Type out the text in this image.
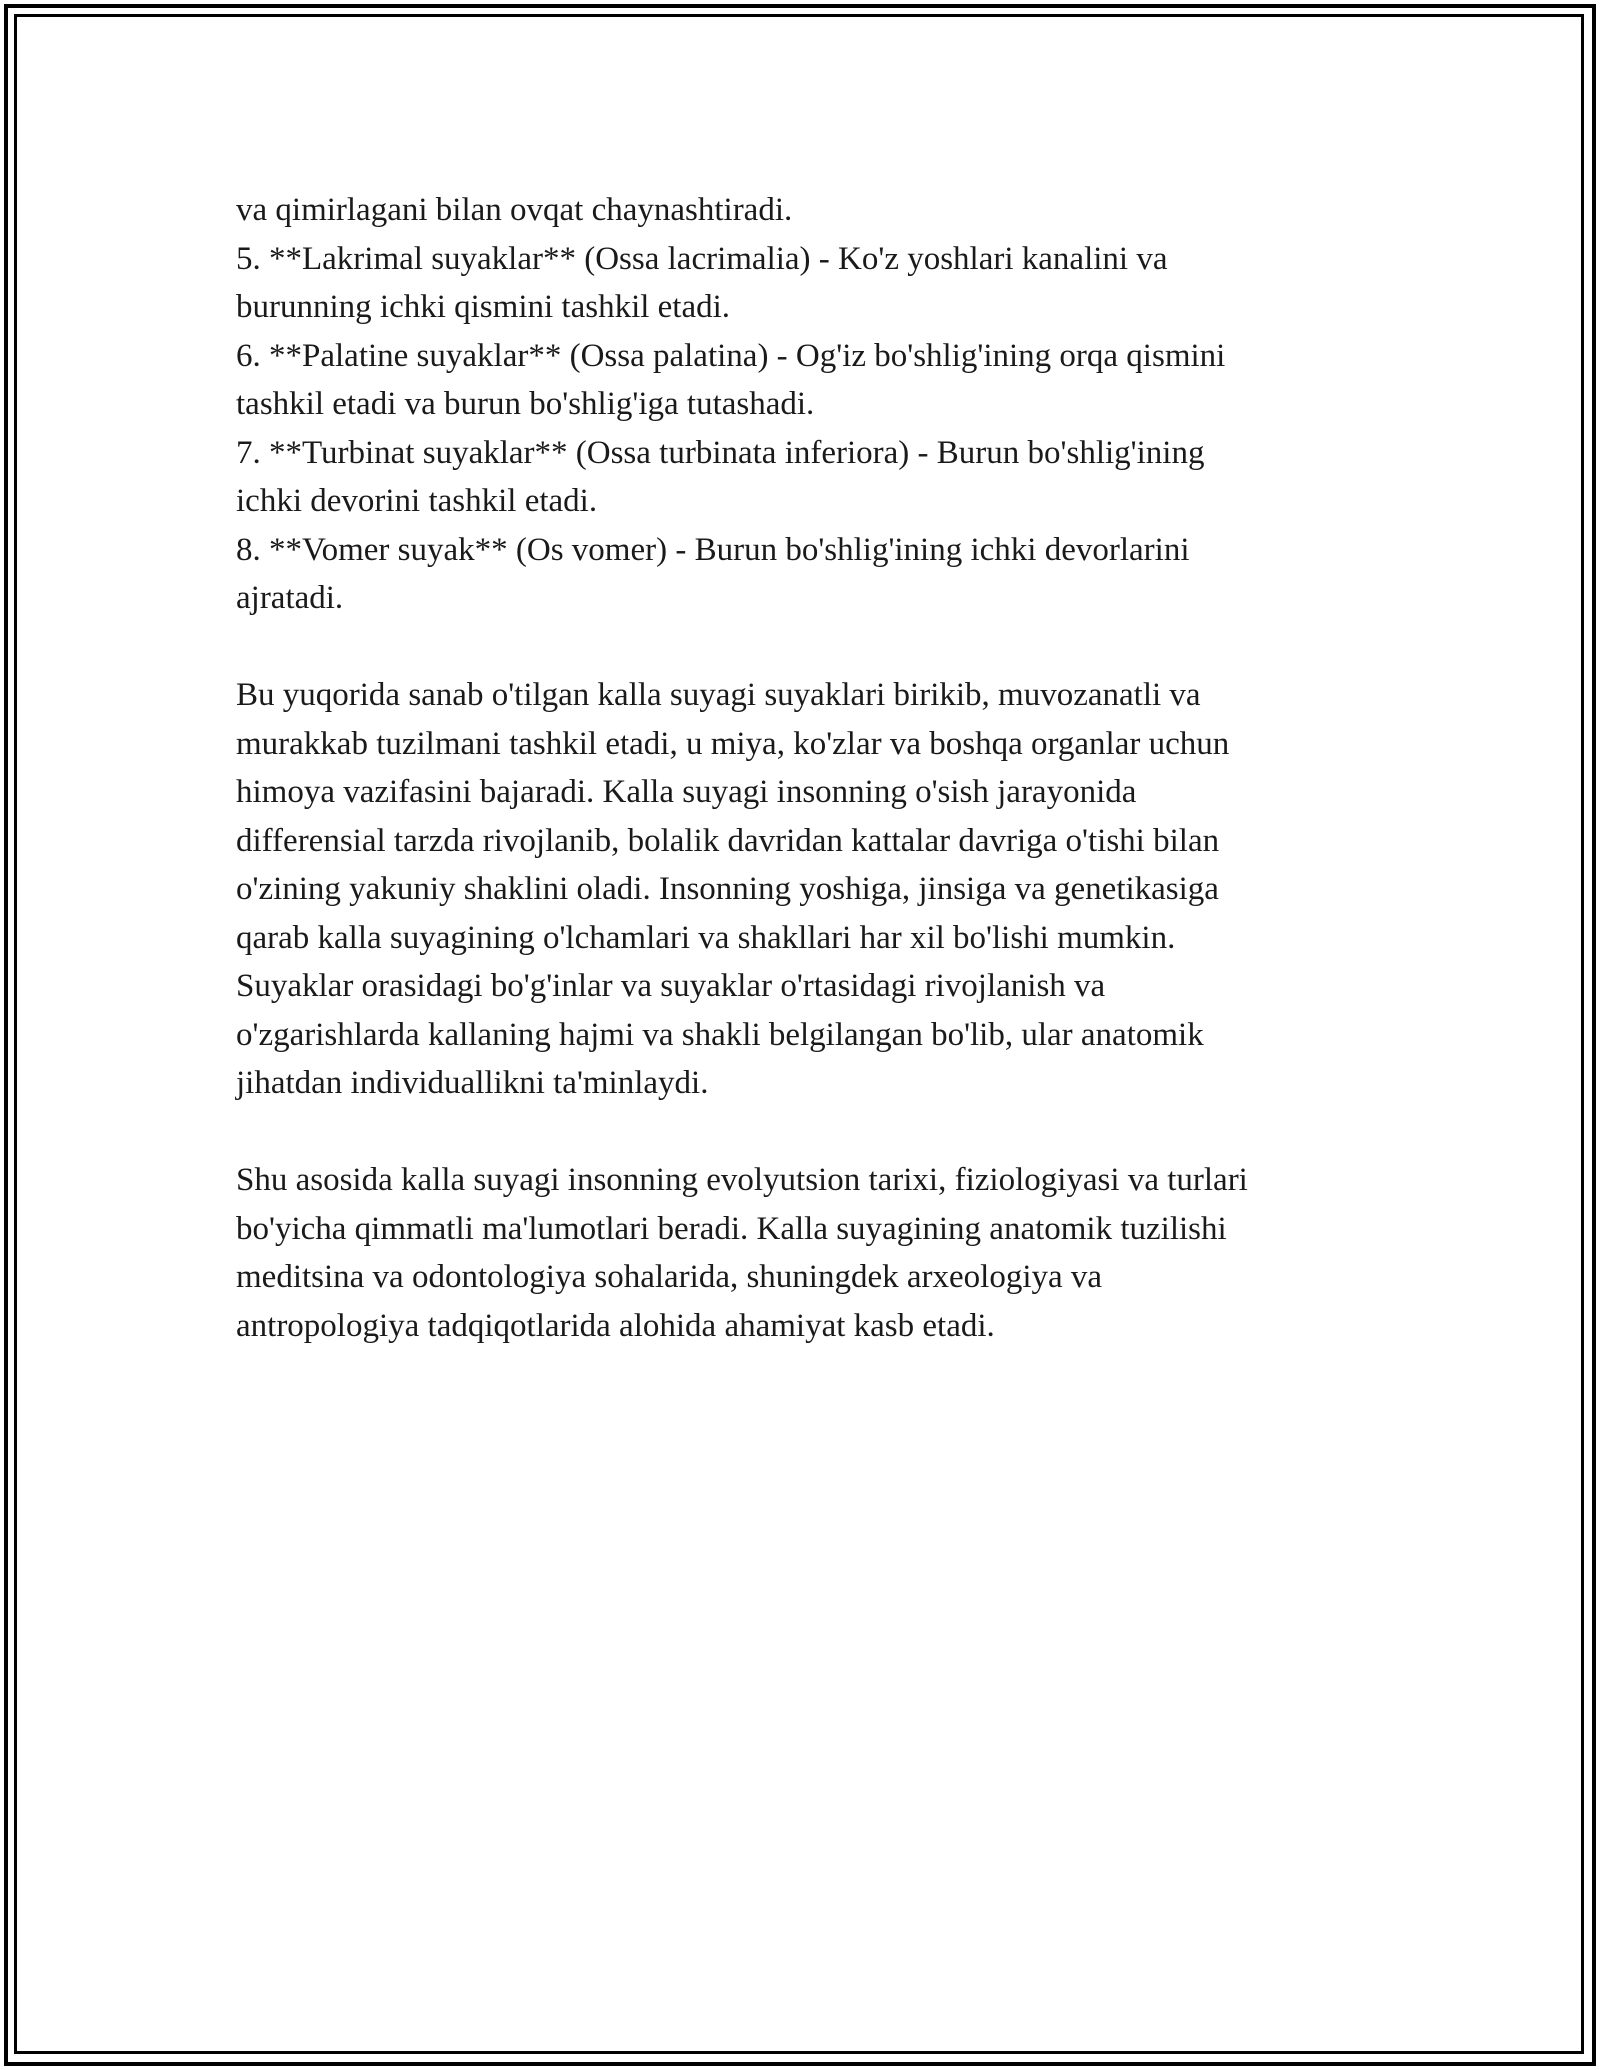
va qimirlagani bilan ovqat chaynashtiradi.

5. **Lakrimal suyaklar** (Ossa lacrimalia) - Ko'z yoshlari kanalini va

burunning ichki qismini tashkil etadi.

6. **Palatine suyaklar** (Ossa palatina) - Og'iz bo'shlig'ining orqa qismini

tashkil etadi va burun bo'shlig'iga tutashadi.

7. **Turbinat suyaklar** (Ossa turbinata inferiora) - Burun bo'shlig'ining

ichki devorini tashkil etadi.

8. **Vomer suyak** (Os vomer) - Burun bo'shlig'ining ichki devorlarini

ajratadi.

Bu yuqorida sanab o'tilgan kalla suyagi suyaklari birikib, muvozanatli va

murakkab tuzilmani tashkil etadi, u miya, ko'zlar va boshqa organlar uchun

himoya vazifasini bajaradi. Kalla suyagi insonning o'sish jarayonida

differensial tarzda rivojlanib, bolalik davridan kattalar davriga o'tishi bilan

o'zining yakuniy shaklini oladi. Insonning yoshiga, jinsiga va genetikasiga

qarab kalla suyagining o'lchamlari va shakllari har xil bo'lishi mumkin.

Suyaklar orasidagi bo'g'inlar va suyaklar o'rtasidagi rivojlanish va

o'zgarishlarda kallaning hajmi va shakli belgilangan bo'lib, ular anatomik

jihatdan individuallikni ta'minlaydi.

Shu asosida kalla suyagi insonning evolyutsion tarixi, fiziologiyasi va turlari

bo'yicha qimmatli ma'lumotlari beradi. Kalla suyagining anatomik tuzilishi

meditsina va odontologiya sohalarida, shuningdek arxeologiya va

antropologiya tadqiqotlarida alohida ahamiyat kasb etadi.
